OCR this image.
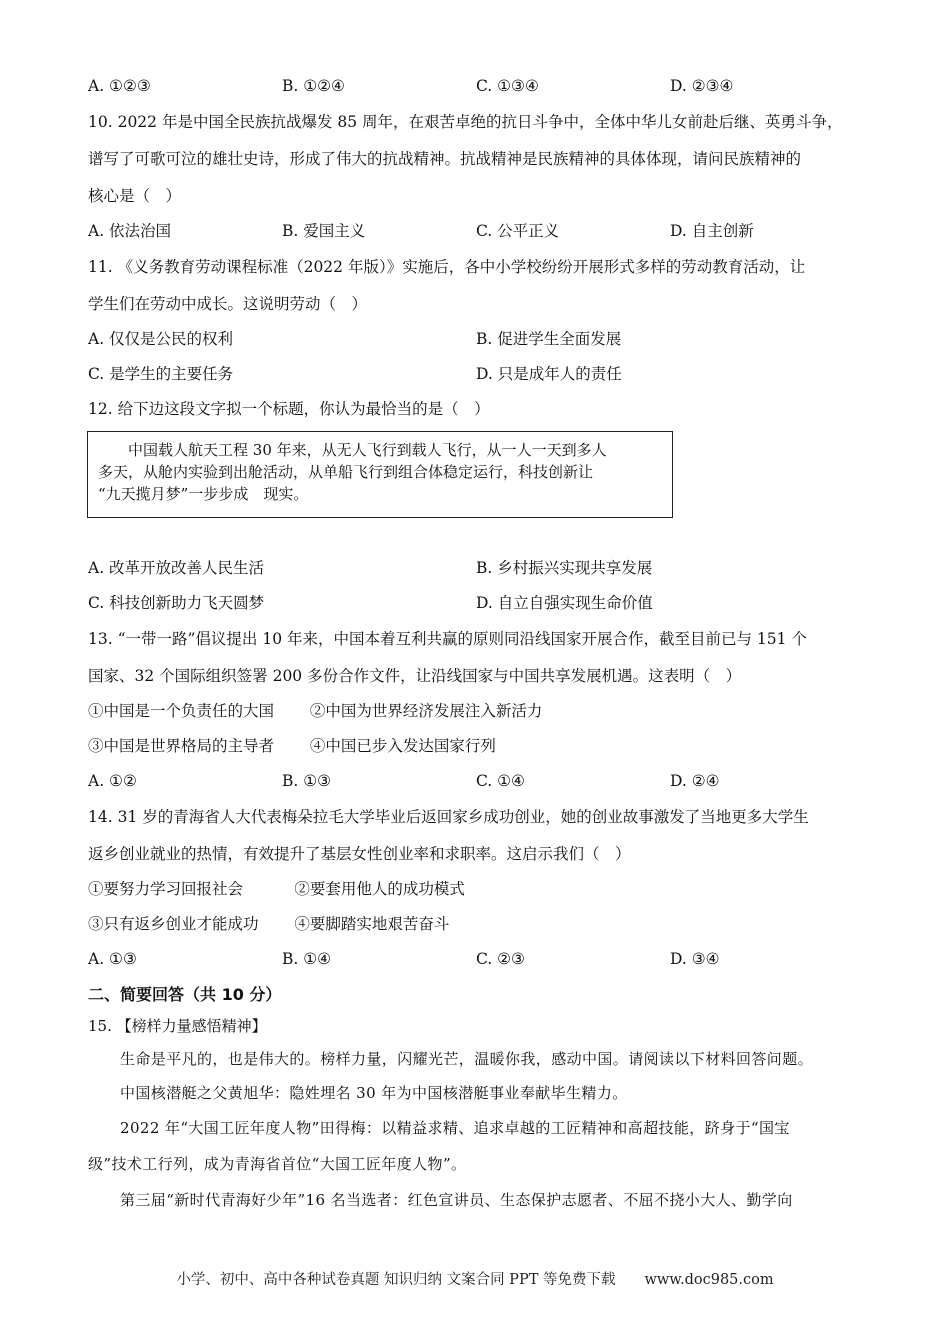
A. ①②③	B. ①②④	C. ①③④	D. ②③④
10. 2022 年是中国全民族抗战爆发 85 周年，在艰苦卓绝的抗日斗争中，全体中华儿女前赴后继、英勇斗争，
谱写了可歌可泣的雄壮史诗，形成了伟大的抗战精神。抗战精神是民族精神的具体体现，请问民族精神的
核心是（　）
A. 依法治国	B. 爱国主义	C. 公平正义	D. 自主创新
11. 《义务教育劳动课程标准（2022 年版）》实施后，各中小学校纷纷开展形式多样的劳动教育活动，让
学生们在劳动中成长。这说明劳动（　）
A. 仅仅是公民的权利	B. 促进学生全面发展
C. 是学生的主要任务	D. 只是成年人的责任
12. 给下边这段文字拟一个标题，你认为最恰当的是（　）
　　中国载人航天工程 30 年来，从无人飞行到载人飞行，从一人一天到多人
多天，从舱内实验到出舱活动，从单船飞行到组合体稳定运行，科技创新让
“九天揽月梦”一步步成　现实。
A. 改革开放改善人民生活	B. 乡村振兴实现共享发展
C. 科技创新助力飞天圆梦	D. 自立自强实现生命价值
13. “一带一路”倡议提出 10 年来，中国本着互利共赢的原则同沿线国家开展合作，截至目前已与 151 个
国家、32 个国际组织签署 200 多份合作文件，让沿线国家与中国共享发展机遇。这表明（　）
①中国是一个负责任的大国　　 ②中国为世界经济发展注入新活力
③中国是世界格局的主导者　　 ④中国已步入发达国家行列
A. ①②	B. ①③	C. ①④	D. ②④
14. 31 岁的青海省人大代表梅朵拉毛大学毕业后返回家乡成功创业，她的创业故事激发了当地更多大学生
返乡创业就业的热情，有效提升了基层女性创业率和求职率。这启示我们（　）
①要努力学习回报社会　　　 ②要套用他人的成功模式
③只有返乡创业才能成功　　 ④要脚踏实地艰苦奋斗
A. ①③	B. ①④	C. ②③	D. ③④
二、简要回答（共 10 分）
15. 【榜样力量感悟精神】
生命是平凡的，也是伟大的。榜样力量，闪耀光芒，温暖你我，感动中国。请阅读以下材料回答问题。
中国核潜艇之父黄旭华：隐姓埋名 30 年为中国核潜艇事业奉献毕生精力。
2022 年“大国工匠年度人物”田得梅：以精益求精、追求卓越的工匠精神和高超技能，跻身于“国宝
级”技术工行列，成为青海省首位“大国工匠年度人物”。
第三届“新时代青海好少年”16 名当选者：红色宣讲员、生态保护志愿者、不屈不挠小大人、勤学向
小学、初中、高中各种试卷真题 知识归纳 文案合同 PPT 等免费下载　　www.doc985.com
